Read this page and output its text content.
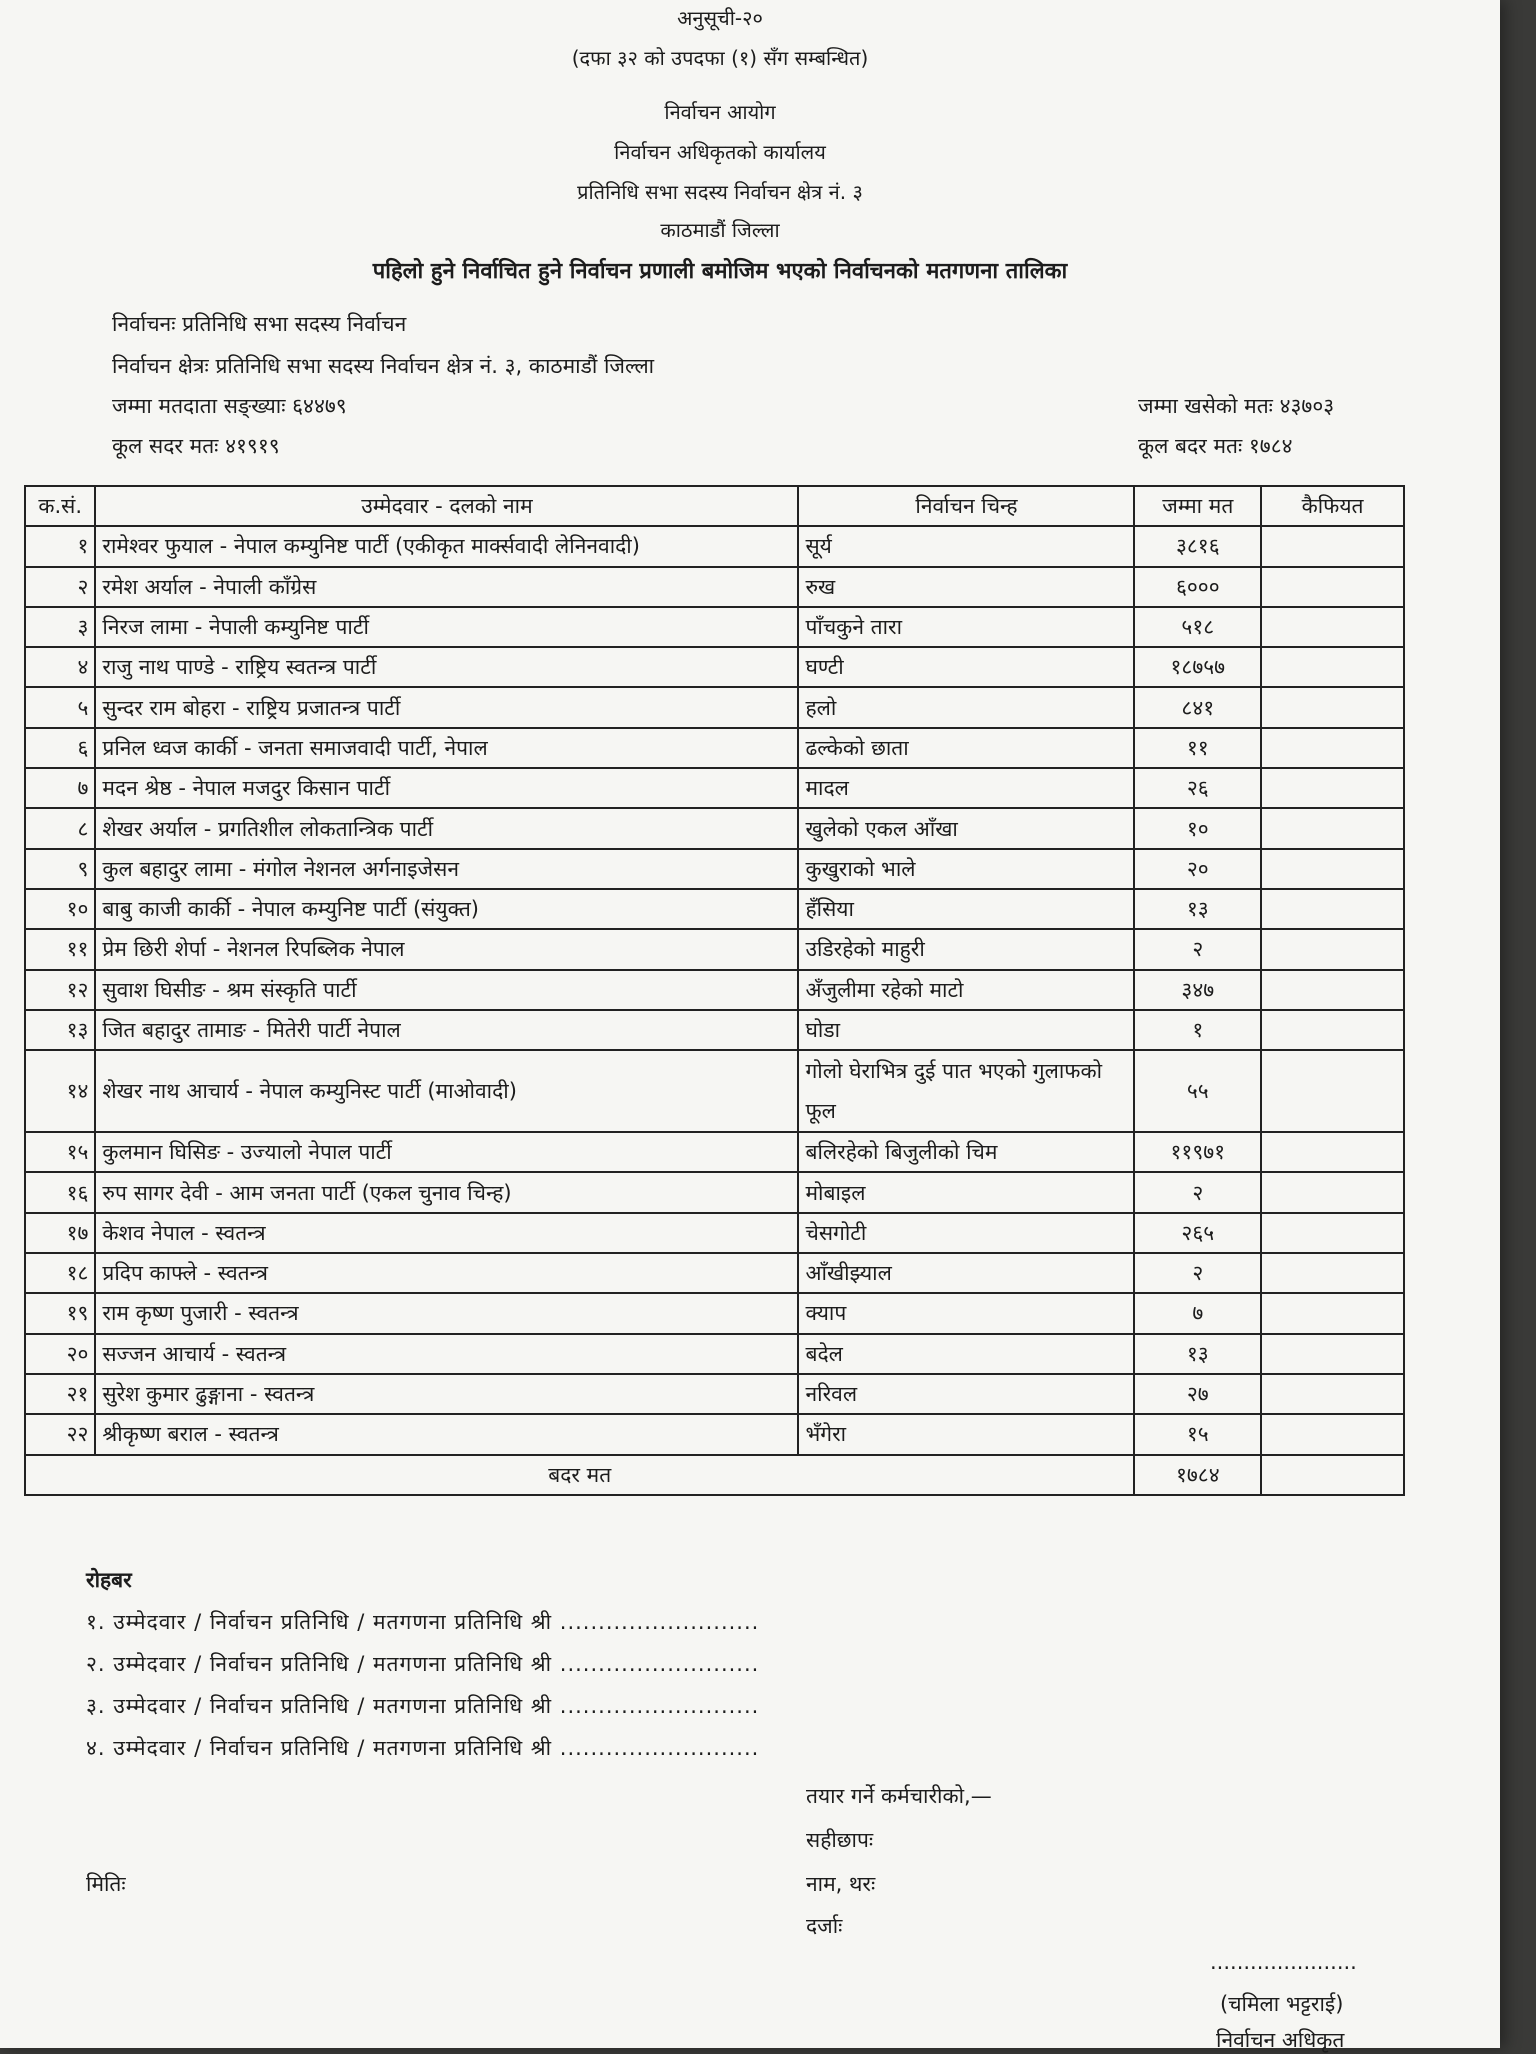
अनुसूची-२०
(दफा ३२ को उपदफा (१) सँग सम्बन्धित)
निर्वाचन आयोग
निर्वाचन अधिकृतको कार्यालय
प्रतिनिधि सभा सदस्य निर्वाचन क्षेत्र नं. ३
काठमाडौं जिल्ला
पहिलो हुने निर्वाचित हुने निर्वाचन प्रणाली बमोजिम भएको निर्वाचनको मतगणना तालिका
निर्वाचनः प्रतिनिधि सभा सदस्य निर्वाचन
निर्वाचन क्षेत्रः प्रतिनिधि सभा सदस्य निर्वाचन क्षेत्र नं. ३, काठमाडौं जिल्ला
जम्मा मतदाता सङ्ख्याः ६४४७९	जम्मा खसेको मतः ४३७०३
कूल सदर मतः ४१९१९	कूल बदर मतः १७८४
क.सं.	उम्मेदवार - दलको नाम	निर्वाचन चिन्ह	जम्मा मत	कैफियत
१	रामेश्वर फुयाल - नेपाल कम्युनिष्ट पार्टी (एकीकृत मार्क्सवादी लेनिनवादी)	सूर्य	३८१६	
२	रमेश अर्याल - नेपाली काँग्रेस	रुख	६०००	
३	निरज लामा - नेपाली कम्युनिष्ट पार्टी	पाँचकुने तारा	५१८	
४	राजु नाथ पाण्डे - राष्ट्रिय स्वतन्त्र पार्टी	घण्टी	१८७५७	
५	सुन्दर राम बोहरा - राष्ट्रिय प्रजातन्त्र पार्टी	हलो	८४१	
६	प्रनिल ध्वज कार्की - जनता समाजवादी पार्टी, नेपाल	ढल्केको छाता	११	
७	मदन श्रेष्ठ - नेपाल मजदुर किसान पार्टी	मादल	२६	
८	शेखर अर्याल - प्रगतिशील लोकतान्त्रिक पार्टी	खुलेको एकल आँखा	१०	
९	कुल बहादुर लामा - मंगोल नेशनल अर्गनाइजेसन	कुखुराको भाले	२०	
१०	बाबु काजी कार्की - नेपाल कम्युनिष्ट पार्टी (संयुक्त)	हँसिया	१३	
११	प्रेम छिरी शेर्पा - नेशनल रिपब्लिक नेपाल	उडिरहेको माहुरी	२	
१२	सुवाश घिसीङ - श्रम संस्कृति पार्टी	अँजुलीमा रहेको माटो	३४७	
१३	जित बहादुर तामाङ - मितेरी पार्टी नेपाल	घोडा	१	
१४	शेखर नाथ आचार्य - नेपाल कम्युनिस्ट पार्टी (माओवादी)	गोलो घेराभित्र दुई पात भएको गुलाफको फूल	५५	
१५	कुलमान घिसिङ - उज्यालो नेपाल पार्टी	बलिरहेको बिजुलीको चिम	११९७१	
१६	रुप सागर देवी - आम जनता पार्टी (एकल चुनाव चिन्ह)	मोबाइल	२	
१७	केशव नेपाल - स्वतन्त्र	चेसगोटी	२६५	
१८	प्रदिप काफ्ले - स्वतन्त्र	आँखीझ्याल	२	
१९	राम कृष्ण पुजारी - स्वतन्त्र	क्याप	७	
२०	सज्जन आचार्य - स्वतन्त्र	बदेल	१३	
२१	सुरेश कुमार ढुङ्गाना - स्वतन्त्र	नरिवल	२७	
२२	श्रीकृष्ण बराल - स्वतन्त्र	भँगेरा	१५	
बदर मत			१७८४	
रोहबर
१. उम्मेदवार / निर्वाचन प्रतिनिधि / मतगणना प्रतिनिधि श्री ..........................
२. उम्मेदवार / निर्वाचन प्रतिनिधि / मतगणना प्रतिनिधि श्री ..........................
३. उम्मेदवार / निर्वाचन प्रतिनिधि / मतगणना प्रतिनिधि श्री ..........................
४. उम्मेदवार / निर्वाचन प्रतिनिधि / मतगणना प्रतिनिधि श्री ..........................
तयार गर्ने कर्मचारीको,—
सहीछापः
मितिः	नाम, थरः
दर्जाः
......................
(चमिला भट्टराई)
निर्वाचन अधिकृत
